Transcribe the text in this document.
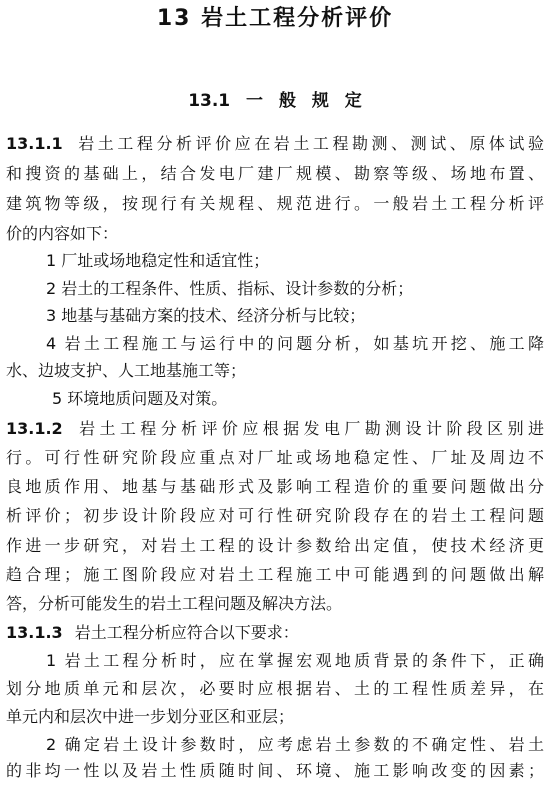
13 岩土工程分析评价
13.1 一 般 规 定
13.1.1 岩土工程分析评价应在岩土工程勘测、测试、原体试验
和搜资的基础上，结合发电厂建厂规模、勘察等级、场地布置、
建筑物等级，按现行有关规程、规范进行。一般岩土工程分析评
价的内容如下：
1 厂址或场地稳定性和适宜性；
2 岩土的工程条件、性质、指标、设计参数的分析；
3 地基与基础方案的技术、经济分析与比较；
4 岩土工程施工与运行中的问题分析，如基坑开挖、施工降
水、边坡支护、人工地基施工等；
5 环境地质问题及对策。
13.1.2 岩土工程分析评价应根据发电厂勘测设计阶段区别进
行。可行性研究阶段应重点对厂址或场地稳定性、厂址及周边不
良地质作用、地基与基础形式及影响工程造价的重要问题做出分
析评价；初步设计阶段应对可行性研究阶段存在的岩土工程问题
作进一步研究，对岩土工程的设计参数给出定值，使技术经济更
趋合理；施工图阶段应对岩土工程施工中可能遇到的问题做出解
答，分析可能发生的岩土工程问题及解决方法。
13.1.3 岩土工程分析应符合以下要求：
1 岩土工程分析时，应在掌握宏观地质背景的条件下，正确
划分地质单元和层次，必要时应根据岩、土的工程性质差异，在
单元内和层次中进一步划分亚区和亚层；
2 确定岩土设计参数时，应考虑岩土参数的不确定性、岩土
的非均一性以及岩土性质随时间、环境、施工影响改变的因素；
